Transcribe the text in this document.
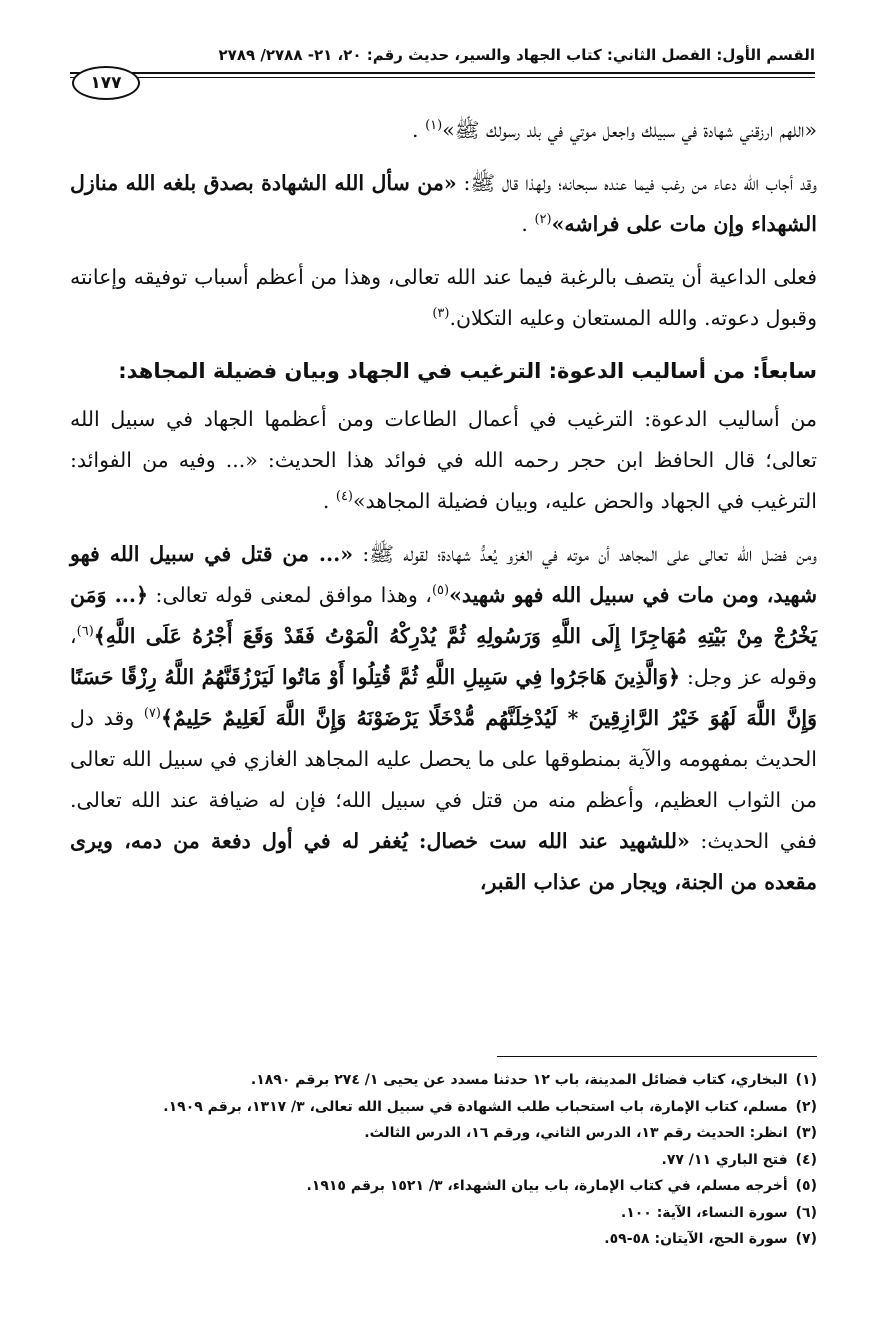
القسم الأول: الفصل الثاني: كتاب الجهاد والسير، حديث رقم: ٢٠، ٢١- ٢٧٨٨/ ٢٧٨٩
١٧٧

«اللهم ارزقني شهادة في سبيلك واجعل موتي في بلد رسولك ﷺ»$^{(١)}$ .

وقد أجاب الله دعاء من رغب فيما عنده سبحانه؛ ولهذا قال ﷺ: «من سأل الله الشهادة بصدق بلغه الله منازل الشهداء وإن مات على فراشه»$^{(٢)}$ .

فعلى الداعية أن يتصف بالرغبة فيما عند الله تعالى، وهذا من أعظم أسباب توفيقه وإعانته وقبول دعوته. والله المستعان وعليه التكلان.$^{(٣)}$

سابعاً: من أساليب الدعوة: الترغيب في الجهاد وبيان فضيلة المجاهد:

من أساليب الدعوة: الترغيب في أعمال الطاعات ومن أعظمها الجهاد في سبيل الله تعالى؛ قال الحافظ ابن حجر رحمه الله في فوائد هذا الحديث: «... وفيه من الفوائد: الترغيب في الجهاد والحض عليه، وبيان فضيلة المجاهد»$^{(٤)}$ .

ومن فضل الله تعالى على المجاهد أن موته في الغزو يُعدُّ شهادة؛ لقوله ﷺ: «... من قتل في سبيل الله فهو شهيد، ومن مات في سبيل الله فهو شهيد»$^{(٥)}$، وهذا موافق لمعنى قوله تعالى: ﴿... وَمَن يَخْرُجْ مِنْ بَيْتِهِ مُهَاجِرًا إِلَى اللَّهِ وَرَسُولِهِ ثُمَّ يُدْرِكْهُ الْمَوْتُ فَقَدْ وَقَعَ أَجْرُهُ عَلَى اللَّهِ﴾$^{(٦)}$، وقوله عز وجل: ﴿وَالَّذِينَ هَاجَرُوا فِي سَبِيلِ اللَّهِ ثُمَّ قُتِلُوا أَوْ مَاتُوا لَيَرْزُقَنَّهُمُ اللَّهُ رِزْقًا حَسَنًا وَإِنَّ اللَّهَ لَهُوَ خَيْرُ الرَّازِقِينَ * لَيُدْخِلَنَّهُم مُّدْخَلًا يَرْضَوْنَهُ وَإِنَّ اللَّهَ لَعَلِيمٌ حَلِيمٌ﴾$^{(٧)}$ وقد دل الحديث بمفهومه والآية بمنطوقها على ما يحصل عليه المجاهد الغازي في سبيل الله تعالى من الثواب العظيم، وأعظم منه من قتل في سبيل الله؛ فإن له ضيافة عند الله تعالى. ففي الحديث: «للشهيد عند الله ست خصال: يُغفر له في أول دفعة من دمه، ويرى مقعده من الجنة، ويجار من عذاب القبر،

(١)البخاري، كتاب فضائل المدينة، باب ١٢ حدثنا مسدد عن يحيى ١/ ٢٧٤ برقم ١٨٩٠.
(٢)مسلم، كتاب الإمارة، باب استحباب طلب الشهادة في سبيل الله تعالى، ٣/ ١٣١٧، برقم ١٩٠٩.
(٣)انظر: الحديث رقم ١٣، الدرس الثاني، ورقم ١٦، الدرس الثالث.
(٤)فتح الباري ١١/ ٧٧.
(٥)أخرجه مسلم، في كتاب الإمارة، باب بيان الشهداء، ٣/ ١٥٢١ برقم ١٩١٥.
(٦)سورة النساء، الآية: ١٠٠.
(٧)سورة الحج، الآيتان: ٥٨-٥٩.
